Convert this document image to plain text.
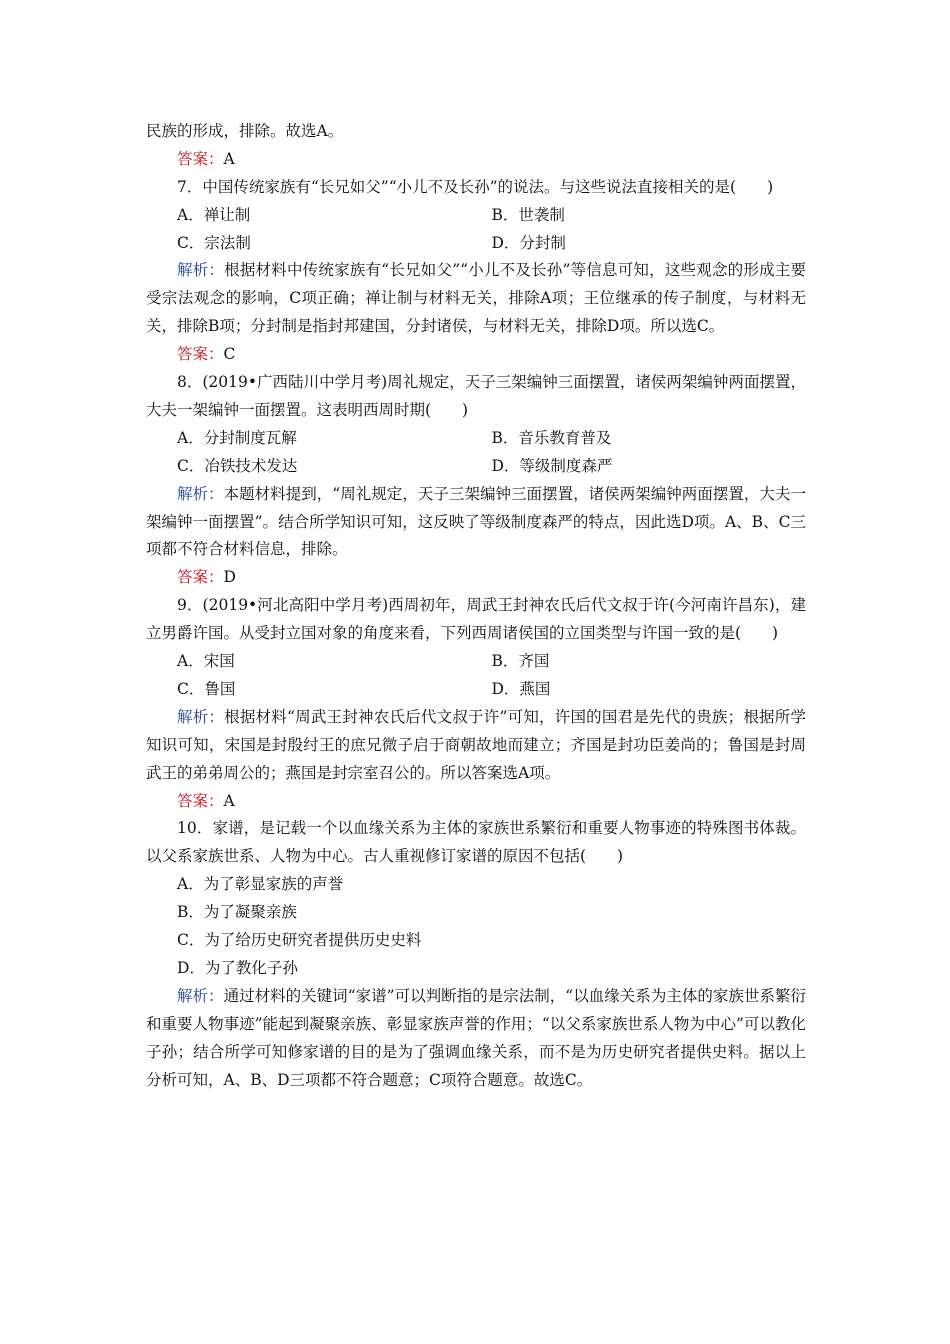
民族的形成，排除。故选A。
答案：A
7．中国传统家族有“长兄如父”“小儿不及长孙”的说法。与这些说法直接相关的是(　　)
A．禅让制	B．世袭制
C．宗法制	D．分封制
解析：根据材料中传统家族有“长兄如父”“小儿不及长孙”等信息可知，这些观念的形成主要受宗法观念的影响，C项正确；禅让制与材料无关，排除A项；王位继承的传子制度，与材料无关，排除B项；分封制是指封邦建国，分封诸侯，与材料无关，排除D项。所以选C。
答案：C
8．(2019•广西陆川中学月考)周礼规定，天子三架编钟三面摆置，诸侯两架编钟两面摆置，大夫一架编钟一面摆置。这表明西周时期(　　)
A．分封制度瓦解	B．音乐教育普及
C．冶铁技术发达	D．等级制度森严
解析：本题材料提到，“周礼规定，天子三架编钟三面摆置，诸侯两架编钟两面摆置，大夫一架编钟一面摆置”。结合所学知识可知，这反映了等级制度森严的特点，因此选D项。A、B、C三项都不符合材料信息，排除。
答案：D
9．(2019•河北高阳中学月考)西周初年，周武王封神农氏后代文叔于许(今河南许昌东)，建立男爵许国。从受封立国对象的角度来看，下列西周诸侯国的立国类型与许国一致的是(　　)
A．宋国	B．齐国
C．鲁国	D．燕国
解析：根据材料“周武王封神农氏后代文叔于许”可知，许国的国君是先代的贵族；根据所学知识可知，宋国是封殷纣王的庶兄微子启于商朝故地而建立；齐国是封功臣姜尚的；鲁国是封周武王的弟弟周公的；燕国是封宗室召公的。所以答案选A项。
答案：A
10．家谱，是记载一个以血缘关系为主体的家族世系繁衍和重要人物事迹的特殊图书体裁。以父系家族世系、人物为中心。古人重视修订家谱的原因不包括(　　)
A．为了彰显家族的声誉
B．为了凝聚亲族
C．为了给历史研究者提供历史史料
D．为了教化子孙
解析：通过材料的关键词“家谱”可以判断指的是宗法制，“以血缘关系为主体的家族世系繁衍和重要人物事迹”能起到凝聚亲族、彰显家族声誉的作用；“以父系家族世系人物为中心”可以教化子孙；结合所学可知修家谱的目的是为了强调血缘关系，而不是为历史研究者提供史料。据以上分析可知，A、B、D三项都不符合题意；C项符合题意。故选C。
